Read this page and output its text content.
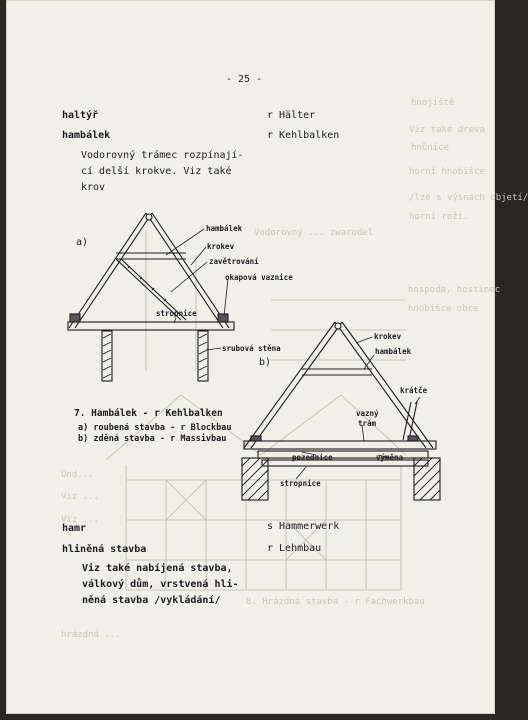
hnojiště
Viz také dreva
hnůnice
horní hnobišce
/lze s výsnách objetí/
horní roží.
Vodorovný ... zwarodel
hospoda, hostinec
hnobišce obce
Und...
Viz ...
Viz ...
8. Hrázdná stavba - r Fachwerkbau
hrázdná ...
- 25 -
haltýř	r Hälter
hambálek	r Kehlbalken
Vodorovný trámec rozpínají-
cí delší krokve. Viz také
krov
a)
hambálek
krokev
zavětrování
okapová vaznice
stropnice
srubová stěna
b)
krokev
hambálek
krátče
vazný
trám
pozednice	výměna
stropnice
7. Hambálek - r Kehlbalken
a) roubená stavba - r Blockbau
b) zděná stavba - r Massivbau
hamr	s Hammerwerk
hliněná stavba	r Lehmbau
Viz také nabíjená stavba,
válkový dům, vrstvená hli-
něná stavba /vykládání/
